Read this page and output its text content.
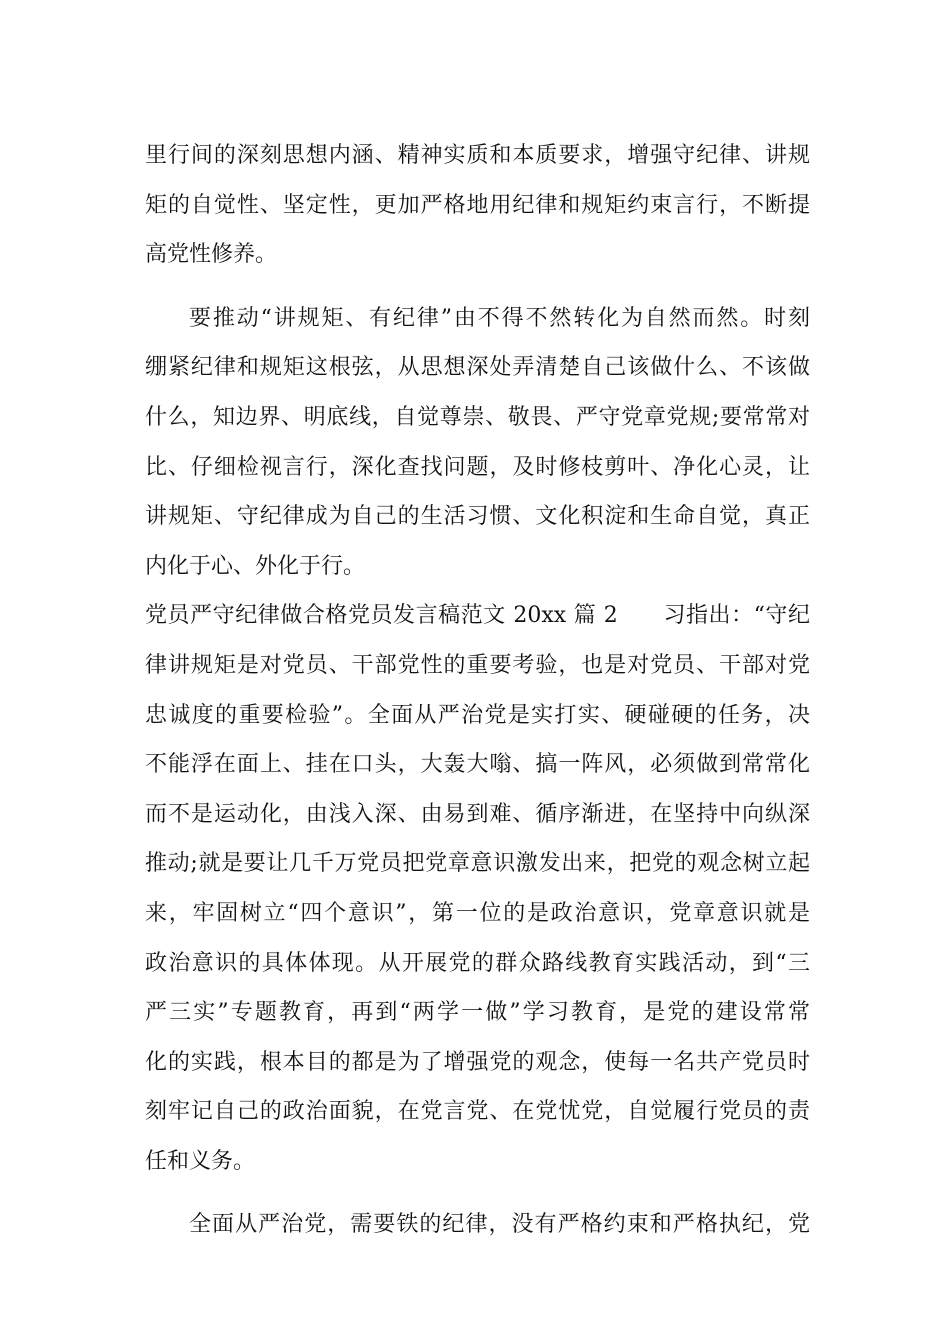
里行间的深刻思想内涵、精神实质和本质要求，增强守纪律、讲规
矩的自觉性、坚定性，更加严格地用纪律和规矩约束言行，不断提
高党性修养。
要推动“讲规矩、有纪律”由不得不然转化为自然而然。时刻
绷紧纪律和规矩这根弦，从思想深处弄清楚自己该做什么、不该做
什么，知边界、明底线，自觉尊崇、敬畏、严守党章党规;要常常对
比、仔细检视言行，深化查找问题，及时修枝剪叶、净化心灵，让
讲规矩、守纪律成为自己的生活习惯、文化积淀和生命自觉，真正
内化于心、外化于行。
党员严守纪律做合格党员发言稿范文 20xx 篇 2　　习指出：“守纪
律讲规矩是对党员、干部党性的重要考验，也是对党员、干部对党
忠诚度的重要检验”。全面从严治党是实打实、硬碰硬的任务，决
不能浮在面上、挂在口头，大轰大嗡、搞一阵风，必须做到常常化
而不是运动化，由浅入深、由易到难、循序渐进，在坚持中向纵深
推动;就是要让几千万党员把党章意识激发出来，把党的观念树立起
来，牢固树立“四个意识”，第一位的是政治意识，党章意识就是
政治意识的具体体现。从开展党的群众路线教育实践活动，到“三
严三实”专题教育，再到“两学一做”学习教育，是党的建设常常
化的实践，根本目的都是为了增强党的观念，使每一名共产党员时
刻牢记自己的政治面貌，在党言党、在党忧党，自觉履行党员的责
任和义务。
全面从严治党，需要铁的纪律，没有严格约束和严格执纪，党
